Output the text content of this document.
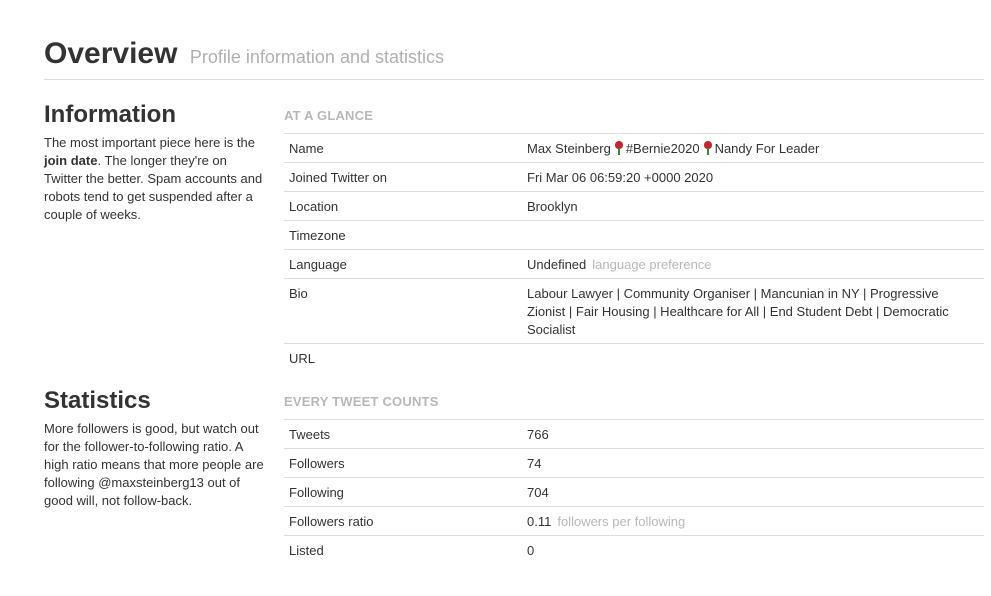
Overview Profile information and statistics
Information
The most important piece here is the join date. The longer they're on Twitter the better. Spam accounts and robots tend to get suspended after a couple of weeks.
AT A GLANCE
Name	Max Steinberg #Bernie2020 Nandy For Leader
Joined Twitter on	Fri Mar 06 06:59:20 +0000 2020
Location	Brooklyn
Timezone	
Language	Undefined language preference
Bio	Labour Lawyer | Community Organiser | Mancunian in NY | Progressive Zionist | Fair Housing | Healthcare for All | End Student Debt | Democratic Socialist
URL	
Statistics
More followers is good, but watch out for the follower-to-following ratio. A high ratio means that more people are following @maxsteinberg13 out of good will, not follow-back.
EVERY TWEET COUNTS
Tweets	766
Followers	74
Following	704
Followers ratio	0.11 followers per following
Listed	0
